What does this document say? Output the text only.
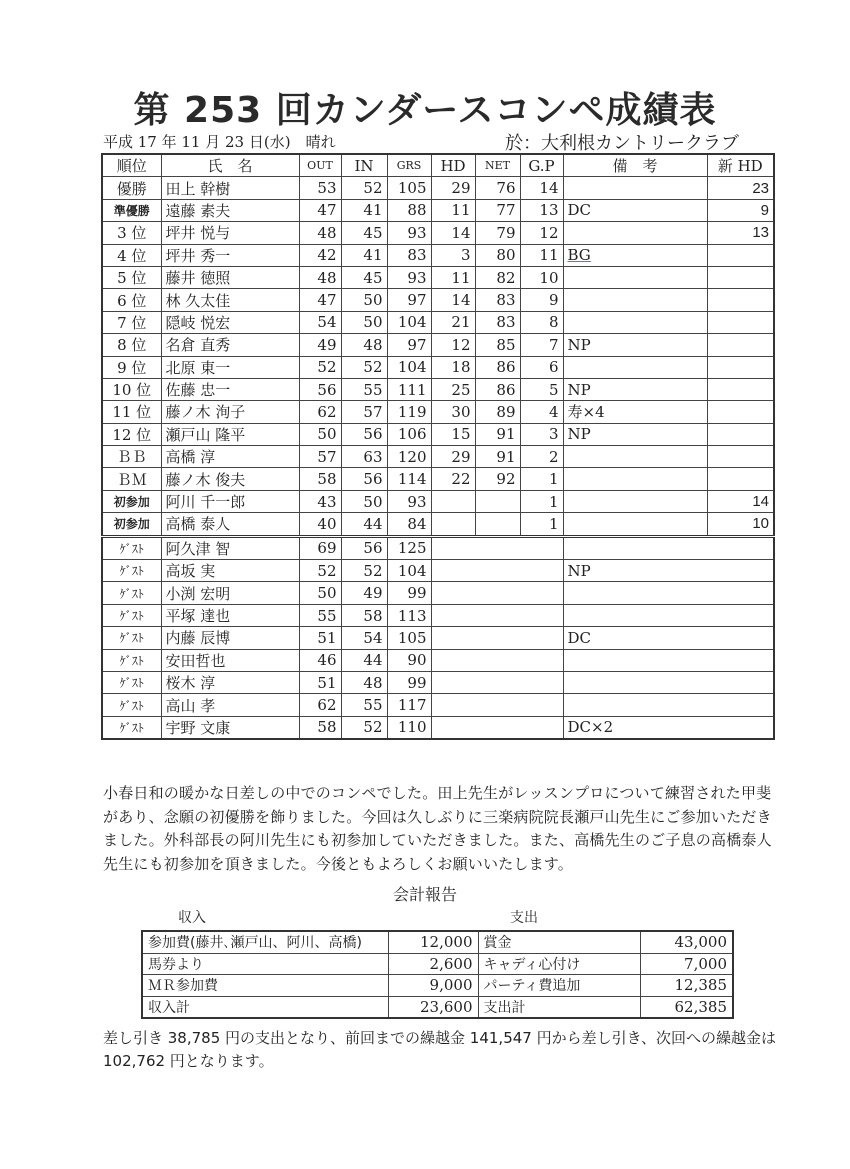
第 253 回カンダースコンペ成績表
平成 17 年 11 月 23 日(水)　晴れ	於：大利根カントリークラブ
順位	氏　名	OUT	IN	GRS	HD	NET	G.P	備　考	新 HD
優勝	田上 幹樹	53	52	105	29	76	14		23
準優勝	遠藤 素夫	47	41	88	11	77	13	DC	9
3 位	坪井 悦与	48	45	93	14	79	12		13
4 位	坪井 秀一	42	41	83	3	80	11	BG	
5 位	藤井 徳照	48	45	93	11	82	10		
6 位	林 久太佳	47	50	97	14	83	9		
7 位	隠岐 悦宏	54	50	104	21	83	8		
8 位	名倉 直秀	49	48	97	12	85	7	NP	
9 位	北原 東一	52	52	104	18	86	6		
10 位	佐藤 忠一	56	55	111	25	86	5	NP	
11 位	藤ノ木 洵子	62	57	119	30	89	4	寿×4	
12 位	瀬戸山 隆平	50	56	106	15	91	3	NP	
ＢＢ	高橋 淳	57	63	120	29	91	2		
ＢＭ	藤ノ木 俊夫	58	56	114	22	92	1		
初参加	阿川 千一郎	43	50	93			1		14
初参加	高橋 泰人	40	44	84			1		10
ｹﾞｽﾄ	阿久津 智	69	56	125					
ｹﾞｽﾄ	高坂 実	52	52	104				NP	
ｹﾞｽﾄ	小渕 宏明	50	49	99					
ｹﾞｽﾄ	平塚 達也	55	58	113					
ｹﾞｽﾄ	内藤 辰博	51	54	105				DC	
ｹﾞｽﾄ	安田哲也	46	44	90					
ｹﾞｽﾄ	桜木 淳	51	48	99					
ｹﾞｽﾄ	高山 孝	62	55	117					
ｹﾞｽﾄ	宇野 文康	58	52	110				DC×2	
小春日和の暖かな日差しの中でのコンペでした。田上先生がレッスンプロについて練習された甲斐があり、念願の初優勝を飾りました。今回は久しぶりに三楽病院院長瀬戸山先生にご参加いただきました。外科部長の阿川先生にも初参加していただきました。また、高橋先生のご子息の高橋泰人先生にも初参加を頂きました。今後ともよろしくお願いいたします。
会計報告
収入	支出
参加費(藤井､瀬戸山、阿川、高橋)	12,000	賞金	43,000
馬券より	2,600	キャディ心付け	7,000
ＭＲ参加費	9,000	パーティ費追加	12,385
収入計	23,600	支出計	62,385
差し引き 38,785 円の支出となり、前回までの繰越金 141,547 円から差し引き、次回への繰越金は 102,762 円となります。
